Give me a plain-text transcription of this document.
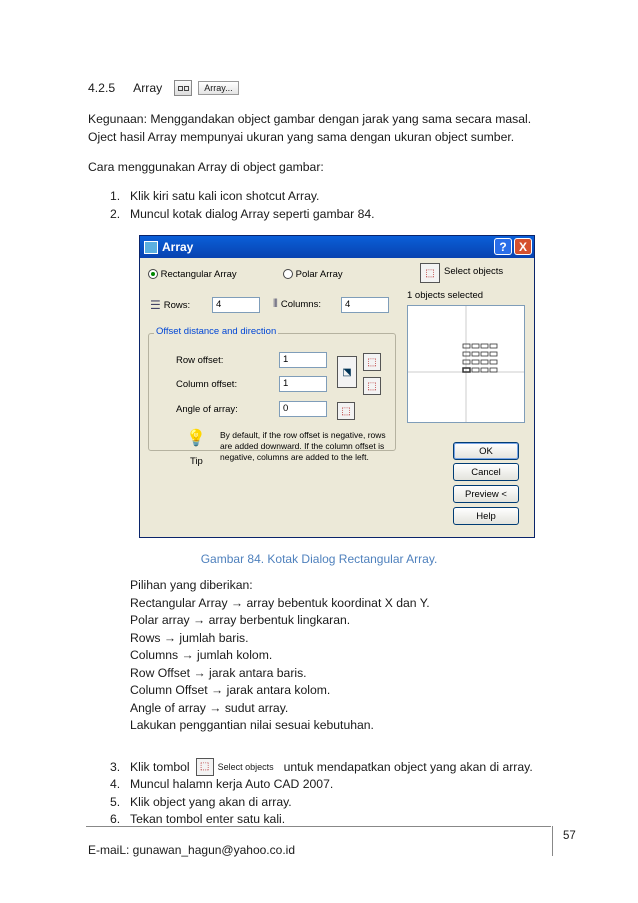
4.2.5 Array	Array...
Kegunaan: Menggandakan object gambar dengan jarak yang sama secara masal.
Oject hasil Array mempunyai ukuran yang sama dengan ukuran object sumber.
Cara menggunakan Array di object gambar:
1. Klik kiri satu kali icon shotcut Array.
2. Muncul kotak dialog Array seperti gambar 84.
Array	?	X
Rectangular Array	Polar Array
☰ Rows:	4	⦀ Columns:	4
Offset distance and direction
Row offset:	1	⬚
Column offset:	1	⬚
⬔
Angle of array:	0	⬚
💡
Tip
By default, if the row offset is negative, rows are added downward. If the column offset is negative, columns are added to the left.
⬚ Select objects
1 objects selected
OK
Cancel
Preview <
Help
Gambar 84. Kotak Dialog Rectangular Array.
Pilihan yang diberikan:
Rectangular Array → array bebentuk koordinat X dan Y.
Polar array → array berbentuk lingkaran.
Rows → jumlah baris.
Columns → jumlah kolom.
Row Offset → jarak antara baris.
Column Offset → jarak antara kolom.
Angle of array → sudut array.
Lakukan penggantian nilai sesuai kebutuhan.
3. Klik tombol	⬚ Select objects untuk mendapatkan object yang akan di array.
4. Muncul halamn kerja Auto CAD 2007.
5. Klik object yang akan di array.
6. Tekan tombol enter satu kali.
E-maiL: gunawan_hagun@yahoo.co.id
57
